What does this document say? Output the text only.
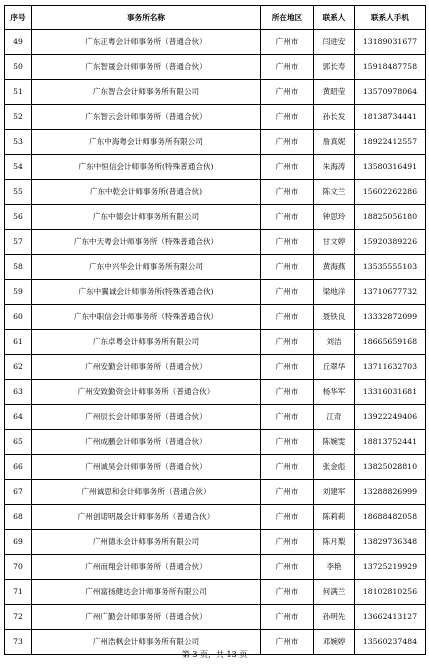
序号	事务所名称	所在地区	联系人	联系人手机
49	广东正粤会计师事务所（普通合伙）	广州市	闫进安	13189031677
50	广东智晟会计师事务所（普通合伙）	广州市	郭长寿	15918487758
51	广东智合会计师事务所有限公司	广州市	黄昭莹	13570978064
52	广东智云会计师事务所（普通合伙）	广州市	孙长发	18138734441
53	广东中海粤会计师事务所有限公司	广州市	詹真妮	18922412557
54	广东中恒信会计师事务所(特殊普通合伙)	广州市	朱海涛	13580316491
55	广东中乾会计师事务所(普通合伙)	广州市	陈文兰	15602262286
56	广东中德会计师事务所有限公司	广州市	钟思玲	18825056180
57	广东中天粤会计师事务所（特殊普通合伙）	广州市	甘文婷	15920389226
58	广东中兴华会计师事务所有限公司	广州市	黄海燕	13535555103
59	广东中翼诚会计师事务所(特殊普通合伙)	广州市	梁地洋	13710677732
60	广东中职信会计师事务所（特殊普通合伙）	广州市	聂铁良	13332872099
61	广东卓粤会计师事务所有限公司	广州市	刘洁	18665659168
62	广州安勤会计师事务所（普通合伙）	广州市	丘翠华	13711632703
63	广州安致勤资会计师事务所（普通合伙）	广州市	杨华军	13316031681
64	广州辰长会计师事务所（普通合伙）	广州市	江奇	13922249406
65	广州成鹏会计师事务所（普通合伙）	广州市	陈婉雯	18813752441
66	广州诚昊会计师事务所（普通合伙）	广州市	张金彪	13825028810
67	广州诚思和会计师事务所（普通合伙）	广州市	刘建军	13288826999
68	广州创诺明晟会计师事务所（普通合伙）	广州市	陈莉莉	18688482058
69	广州德永会计师事务所有限公司	广州市	陈月梨	13829736348
70	广州而翔会计师事务所（普通合伙）	广州市	李艳	13725219929
71	广州富扬健达会计师事务所有限公司	广州市	何满兰	18102810256
72	广州广勤会计师事务所（普通合伙）	广州市	孙明先	13662413127
73	广州浩枫会计师事务所有限公司	广州市	邓婉婷	13560237484
第 3 页，共 13 页
